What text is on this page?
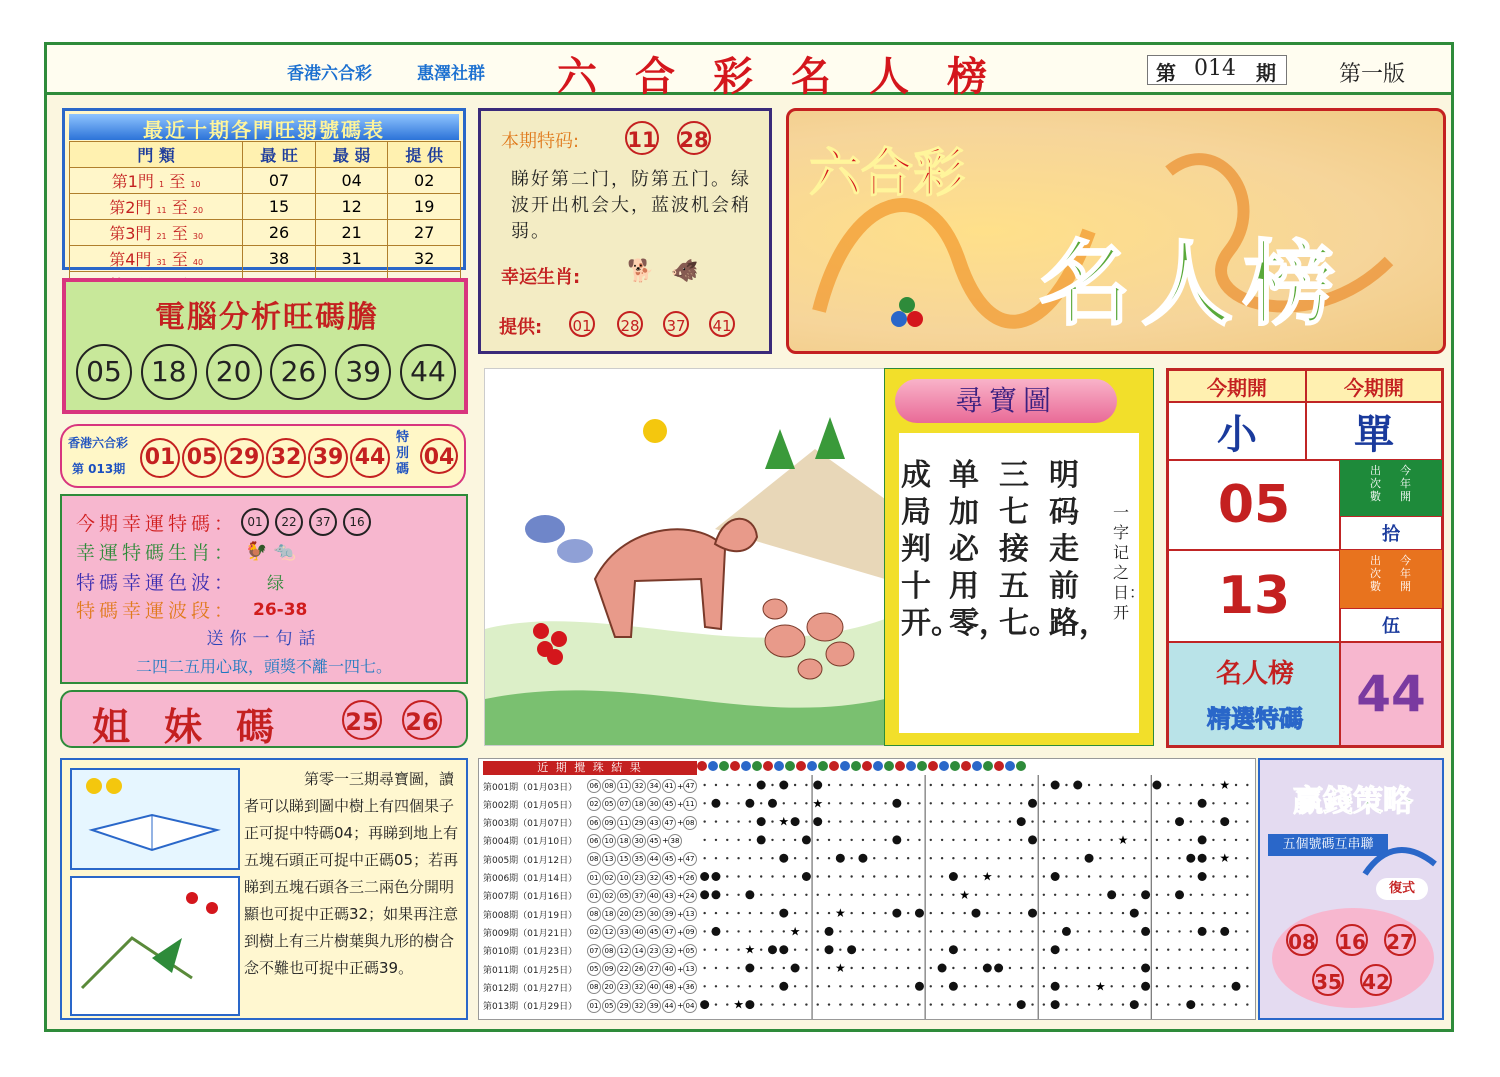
香港六合彩	惠澤社群 六合彩名人榜	第 014 期	第一版
最近十期各門旺弱號碼表
門 類	最 旺	最 弱	提 供
第1門 1 至 10	07	04	02
第2門 11 至 20	15	12	19
第3門 21 至 30	26	21	27
第4門 31 至 40	38	31	32

電腦分析旺碼膽
05	18	20	26	39	44
香港六合彩
第 013期 01 05 29 32 39 44
特別碼 04
今期幸運特碼： 01	22	37	16
幸運特碼生肖： 🐓 🐀
特碼幸運色波： 绿
特碼幸運波段： 26-38
送你一句話
二四二五用心取，頭獎不離一四七。
姐妹碼 25 26
本期特码: 11 28
睇好第二门，防第五门。绿波开出机会大，蓝波机会稍弱。
幸运生肖: 🐕 🐗
提供: 01 28 37 41
六合彩
名人榜
尋寶圖
明码走前路，
三七接五七。
单加必用零，
成局判十开。
一字记之日：开
今期開	今期開
小	單
05
今年開
出次數
拾
13
今年開
出次數
伍
名人榜
精選特碼	44
第零一三期尋寶圖，讀者可以睇到圖中樹上有四個果子正可捉中特碼04；再睇到地上有五塊石頭正可捉中正碼05；若再睇到五塊石頭各三二兩色分開明顯也可捉中正碼32；如果再注意到樹上有三片樹葉與九形的樹合念不難也可捉中正碼39。
近 期 攪 珠 結 果
第001期（01月03日）	06 08 11 32 34 41 + 47
第002期（01月05日）	02 05 07 18 30 45 + 11
第003期（01月07日）	06 09 11 29 43 47 + 08
第004期（01月10日）	06 10 18 30 45 + 38
第005期（01月12日）	08 13 15 35 44 45 + 47
第006期（01月14日）	01 02 10 23 32 45 + 26
第007期（01月16日）	01 02 05 37 40 43 + 24
第008期（01月19日）	08 18 20 25 30 39 + 13
第009期（01月21日）	02 12 33 40 45 47 + 09
第010期（01月23日）	07 08 12 14 23 32 + 05
第011期（01月25日）	05 09 22 26 27 40 + 13
第012期（01月27日）	08 20 23 32 40 48 + 36
第013期（01月29日）	01 05 29 32 39 44 + 04
★
★
★
★
★
★
★
★
★
★
★
★
★
贏錢策略
五個號碼互串聯
復式
08 16 27
35 42
